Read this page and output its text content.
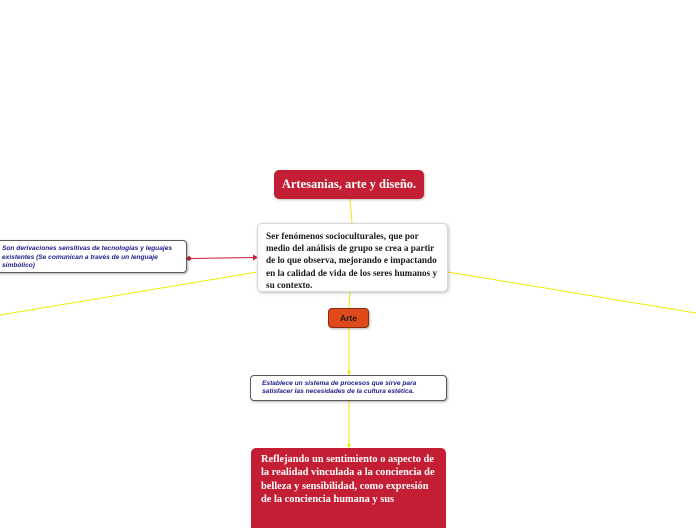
Artesanias, arte y diseño.
Ser fenómenos socioculturales, que por medio del análisis de grupo se crea a partir de lo que observa, mejorando e impactando en la calidad de vida de los seres humanos y su contexto.
Son derivaciones sensitivas de tecnologías y leguajes existentes (Se comunican a través de un lenguaje simbólico)
Arte
Establece un sistema de procesos que sirve para satisfacer las necesidades de la cultura estética.
Reflejando un sentimiento o aspecto de la realidad vinculada a la conciencia de belleza y sensibilidad, como expresión de la conciencia humana y sus
